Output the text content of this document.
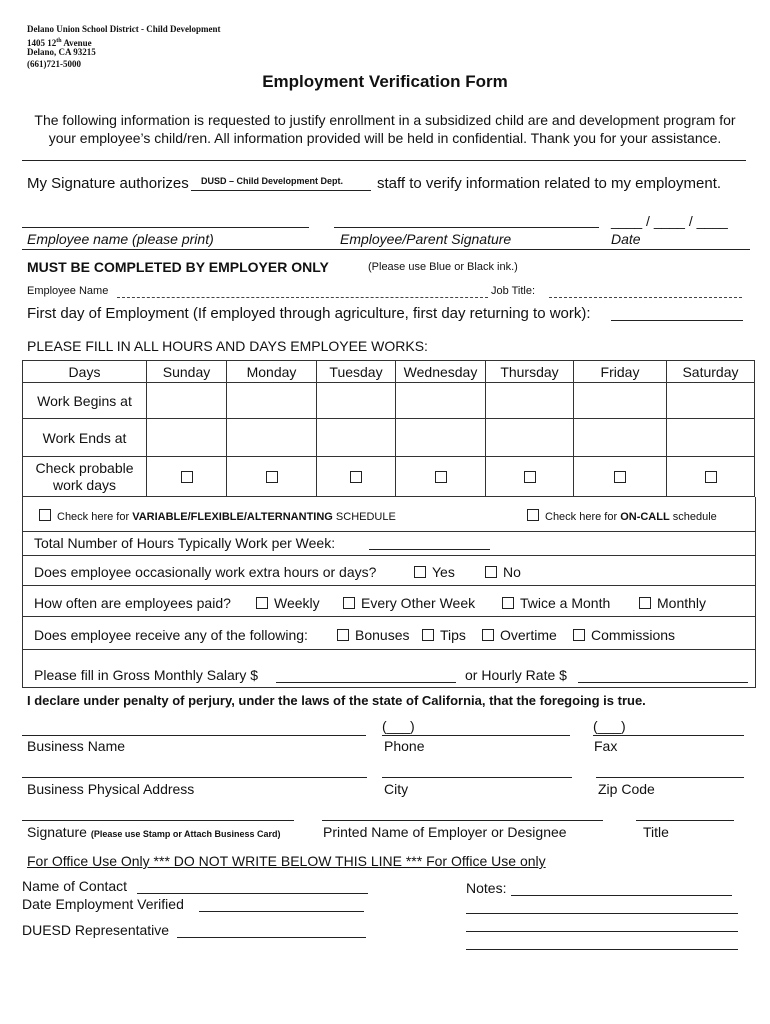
Delano Union School District - Child Development
1405 12th Avenue
Delano, CA 93215
(661)721-5000
Employment Verification Form
The following information is requested to justify enrollment in a subsidized child are and development program for
your employee’s child/ren. All information provided will be held in confidential. Thank you for your assistance.
My Signature authorizes DUSD – Child Development Dept. staff to verify information related to my employment.
____ / ____ / ____
Employee name (please print)	Employee/Parent Signature	Date
MUST BE COMPLETED BY EMPLOYER ONLY	(Please use Blue or Black ink.)
Employee Name	Job Title:
First day of Employment (If employed through agriculture, first day returning to work):
PLEASE FILL IN ALL HOURS AND DAYS EMPLOYEE WORKS:
Days	Sunday	Monday	Tuesday	Wednesday	Thursday	Friday	Saturday
Work Begins at							
Work Ends at							
Check probable
work days							
Check here for VARIABLE/FLEXIBLE/ALTERNANTING SCHEDULE	Check here for ON-CALL schedule
Total Number of Hours Typically Work per Week:
Does employee occasionally work extra hours or days?	Yes	No
How often are employees paid?	Weekly	Every Other Week	Twice a Month	Monthly
Does employee receive any of the following:	Bonuses	Tips	Overtime	Commissions
Please fill in Gross Monthly Salary $	or Hourly Rate $
I declare under penalty of perjury, under the laws of the state of California, that the foregoing is true.
(___)	(___)
Business Name	Phone	Fax
Business Physical Address	City	Zip Code
Signature (Please use Stamp or Attach Business Card)	Printed Name of Employer or Designee	Title
For Office Use Only *** DO NOT WRITE BELOW THIS LINE *** For Office Use only
Name of Contact
Date Employment Verified
DUESD Representative
Notes:
